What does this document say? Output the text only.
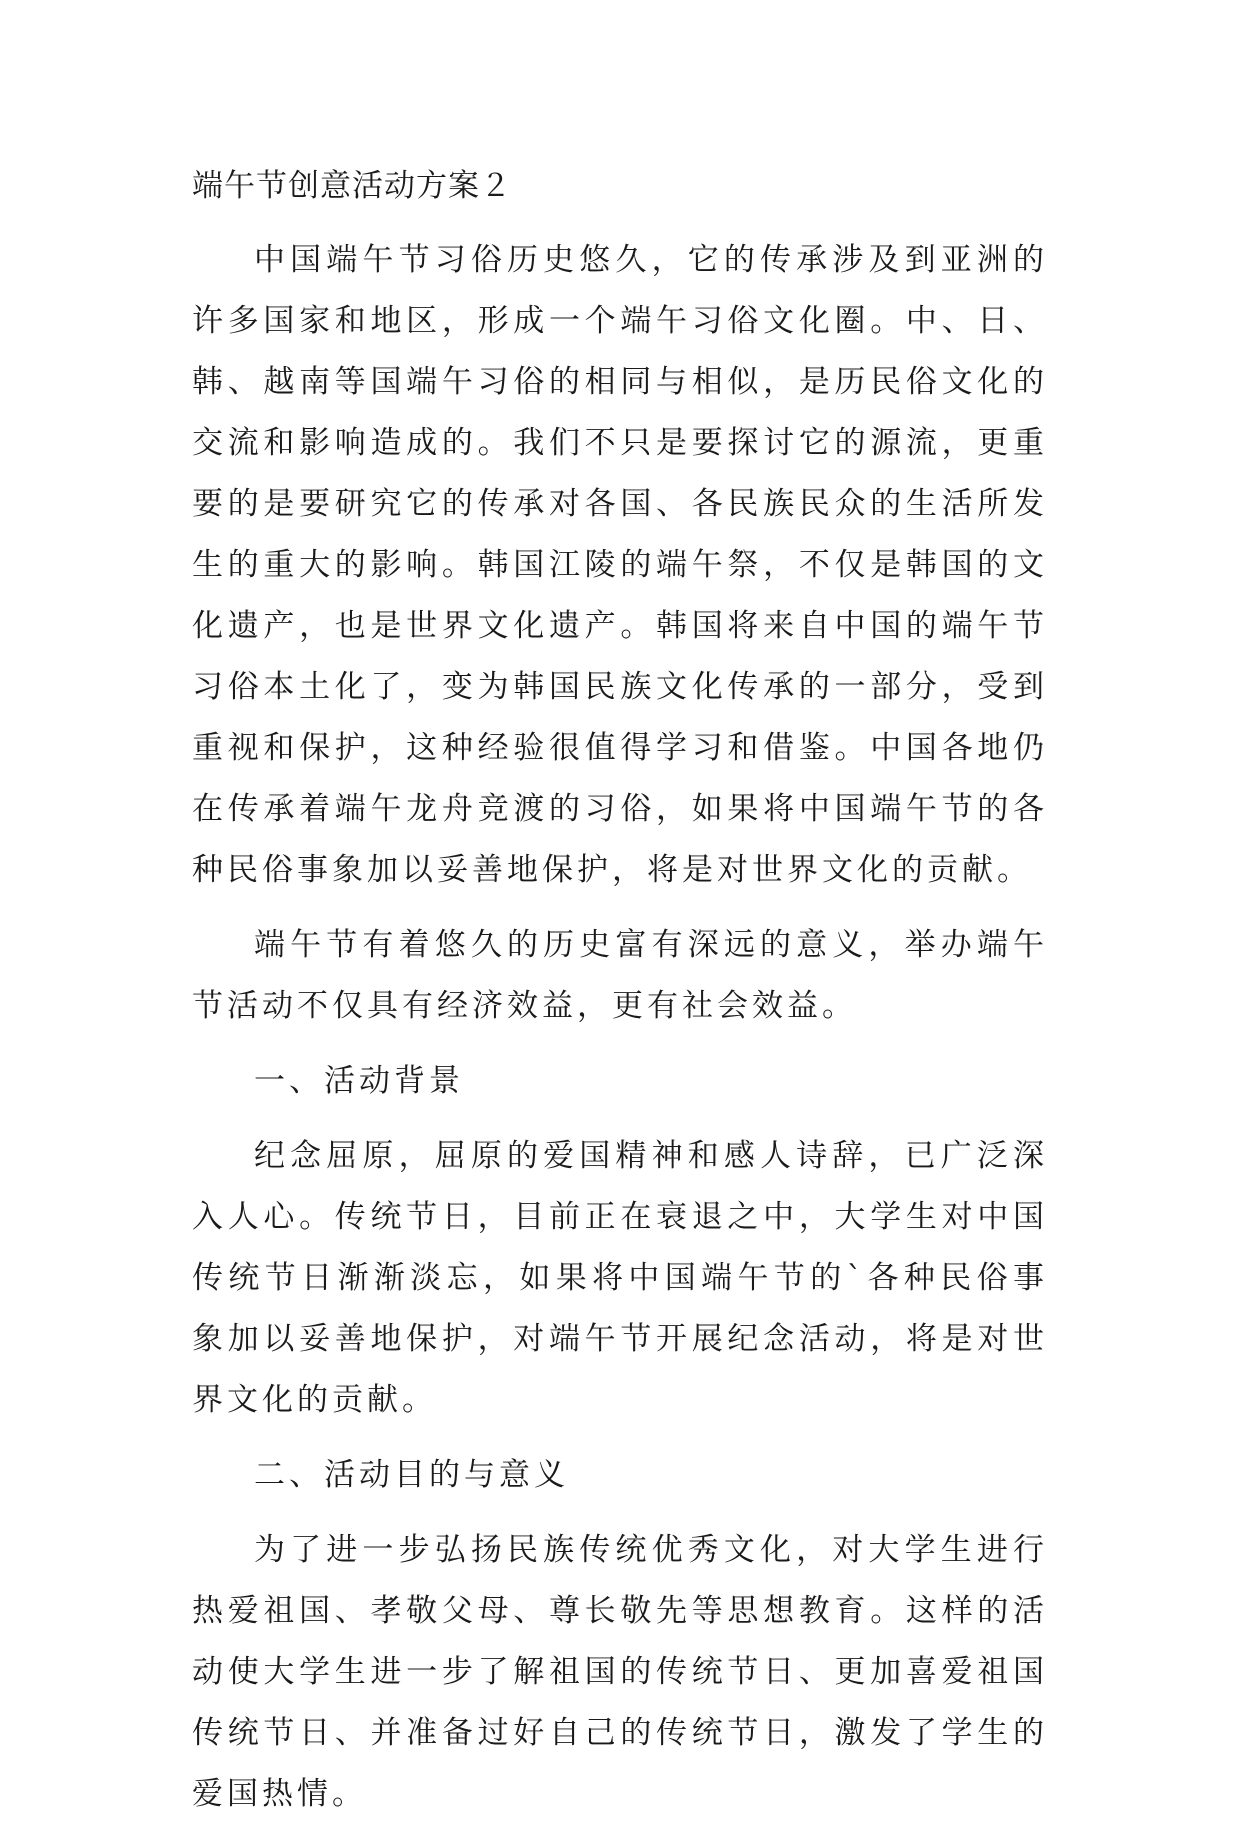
端午节创意活动方案２

中国端午节习俗历史悠久，它的传承涉及到亚洲的许多国家和地区，形成一个端午习俗文化圈。中、日、韩、越南等国端午习俗的相同与相似，是历民俗文化的交流和影响造成的。我们不只是要探讨它的源流，更重要的是要研究它的传承对各国、各民族民众的生活所发生的重大的影响。韩国江陵的端午祭，不仅是韩国的文化遗产，也是世界文化遗产。韩国将来自中国的端午节习俗本土化了，变为韩国民族文化传承的一部分，受到重视和保护，这种经验很值得学习和借鉴。中国各地仍在传承着端午龙舟竞渡的习俗，如果将中国端午节的各种民俗事象加以妥善地保护，将是对世界文化的贡献。

端午节有着悠久的历史富有深远的意义，举办端午节活动不仅具有经济效益，更有社会效益。

一、活动背景

纪念屈原，屈原的爱国精神和感人诗辞，已广泛深入人心。传统节日，目前正在衰退之中，大学生对中国传统节日渐渐淡忘，如果将中国端午节的`各种民俗事象加以妥善地保护，对端午节开展纪念活动，将是对世界文化的贡献。

二、活动目的与意义

为了进一步弘扬民族传统优秀文化，对大学生进行热爱祖国、孝敬父母、尊长敬先等思想教育。这样的活动使大学生进一步了解祖国的传统节日、更加喜爱祖国传统节日、并准备过好自己的传统节日，激发了学生的爱国热情。
